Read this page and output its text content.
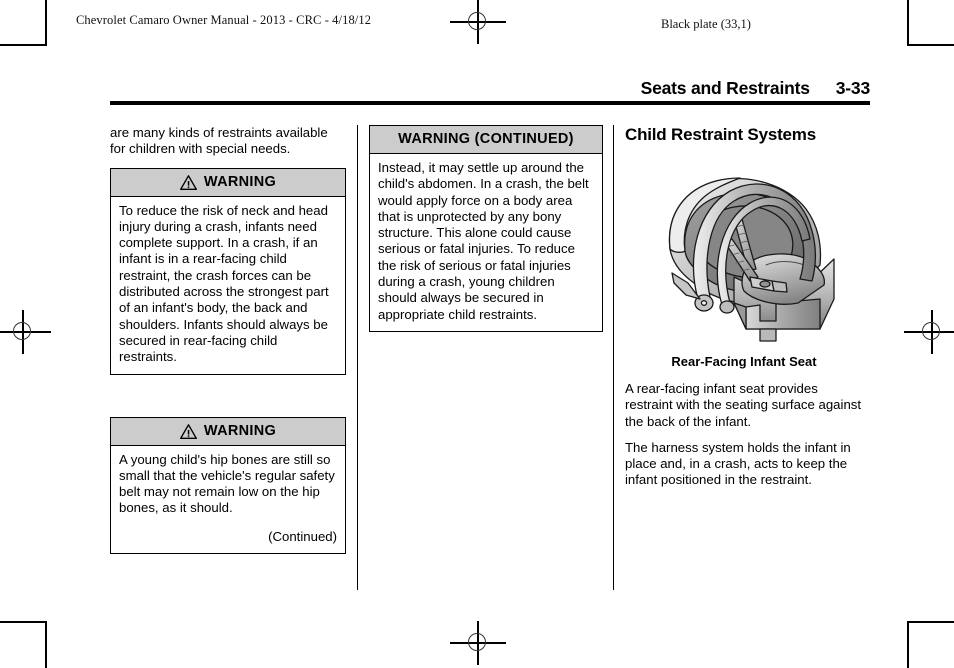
Chevrolet Camaro Owner Manual - 2013 - CRC - 4/18/12	Black plate (33,1)
Seats and Restraints 3-33

are many kinds of restraints available for children with special needs.

WARNING

To reduce the risk of neck and head injury during a crash, infants need complete support. In a crash, if an infant is in a rear-facing child restraint, the crash forces can be distributed across the strongest part of an infant's body, the back and shoulders. Infants should always be secured in rear-facing child restraints.

WARNING

A young child's hip bones are still so small that the vehicle's regular safety belt may not remain low on the hip bones, as it should.

(Continued)

WARNING (CONTINUED)

Instead, it may settle up around the child's abdomen. In a crash, the belt would apply force on a body area that is unprotected by any bony structure. This alone could cause serious or fatal injuries. To reduce the risk of serious or fatal injuries during a crash, young children should always be secured in appropriate child restraints.

Child Restraint Systems
Rear-Facing Infant Seat

A rear-facing infant seat provides restraint with the seating surface against the back of the infant.

The harness system holds the infant in place and, in a crash, acts to keep the infant positioned in the restraint.
